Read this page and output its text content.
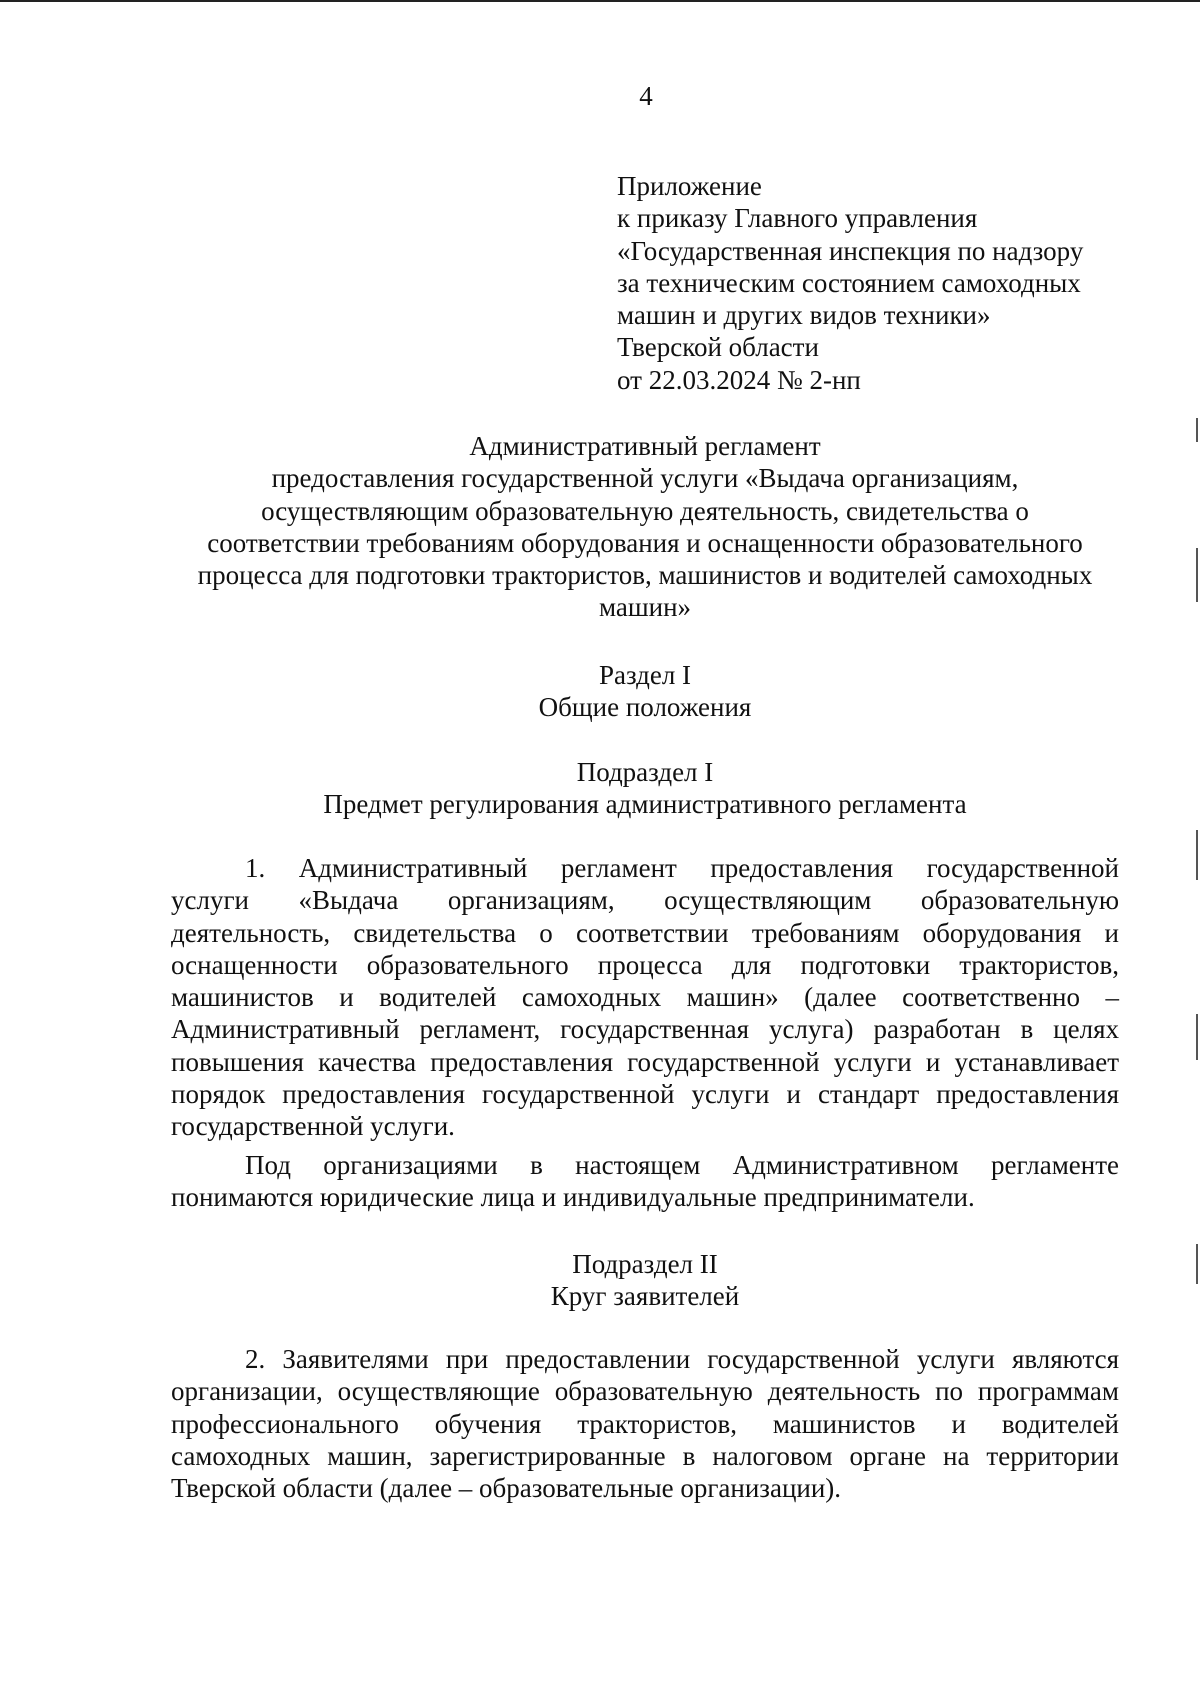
4
Приложение
к приказу Главного управления
«Государственная инспекция по надзору
за техническим состоянием самоходных
машин и других видов техники»
Тверской области
от 22.03.2024 № 2-нп
Административный регламент
предоставления государственной услуги «Выдача организациям,
осуществляющим образовательную деятельность, свидетельства о
соответствии требованиям оборудования и оснащенности образовательного
процесса для подготовки трактористов, машинистов и водителей самоходных
машин»
Раздел I
Общие положения
Подраздел I
Предмет регулирования административного регламента
1. Административный регламент предоставления государственной
услуги «Выдача организациям, осуществляющим образовательную
деятельность, свидетельства о соответствии требованиям оборудования и
оснащенности образовательного процесса для подготовки трактористов,
машинистов и водителей самоходных машин» (далее соответственно –
Административный регламент, государственная услуга) разработан в целях
повышения качества предоставления государственной услуги и устанавливает
порядок предоставления государственной услуги и стандарт предоставления
государственной услуги.
Под организациями в настоящем Административном регламенте
понимаются юридические лица и индивидуальные предприниматели.
Подраздел II
Круг заявителей
2. Заявителями при предоставлении государственной услуги являются
организации, осуществляющие образовательную деятельность по программам
профессионального обучения трактористов, машинистов и водителей
самоходных машин, зарегистрированные в налоговом органе на территории
Тверской области (далее – образовательные организации).
